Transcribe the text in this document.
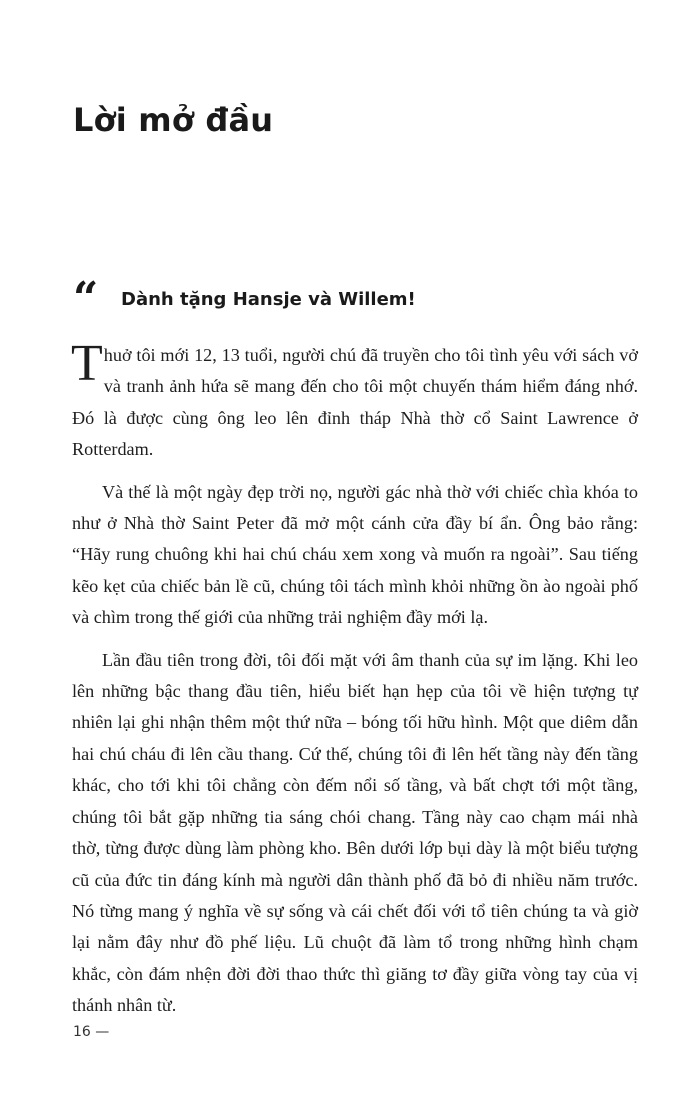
Lời mở đầu
“ Dành tặng Hansje và Willem!

Thuở tôi mới 12, 13 tuổi, người chú đã truyền cho tôi tình yêu với sách vở và tranh ảnh hứa sẽ mang đến cho tôi một chuyến thám hiểm đáng nhớ. Đó là được cùng ông leo lên đỉnh tháp Nhà thờ cổ Saint Lawrence ở Rotterdam.

Và thế là một ngày đẹp trời nọ, người gác nhà thờ với chiếc chìa khóa to như ở Nhà thờ Saint Peter đã mở một cánh cửa đầy bí ẩn. Ông bảo rằng: “Hãy rung chuông khi hai chú cháu xem xong và muốn ra ngoài”. Sau tiếng kẽo kẹt của chiếc bản lề cũ, chúng tôi tách mình khỏi những ồn ào ngoài phố và chìm trong thế giới của những trải nghiệm đầy mới lạ.

Lần đầu tiên trong đời, tôi đối mặt với âm thanh của sự im lặng. Khi leo lên những bậc thang đầu tiên, hiểu biết hạn hẹp của tôi về hiện tượng tự nhiên lại ghi nhận thêm một thứ nữa – bóng tối hữu hình. Một que diêm dẫn hai chú cháu đi lên cầu thang. Cứ thế, chúng tôi đi lên hết tầng này đến tầng khác, cho tới khi tôi chẳng còn đếm nổi số tầng, và bất chợt tới một tầng, chúng tôi bắt gặp những tia sáng chói chang. Tầng này cao chạm mái nhà thờ, từng được dùng làm phòng kho. Bên dưới lớp bụi dày là một biểu tượng cũ của đức tin đáng kính mà người dân thành phố đã bỏ đi nhiều năm trước. Nó từng mang ý nghĩa về sự sống và cái chết đối với tổ tiên chúng ta và giờ lại nằm đây như đồ phế liệu. Lũ chuột đã làm tổ trong những hình chạm khắc, còn đám nhện đời đời thao thức thì giăng tơ đầy giữa vòng tay của vị thánh nhân từ.

16 —
